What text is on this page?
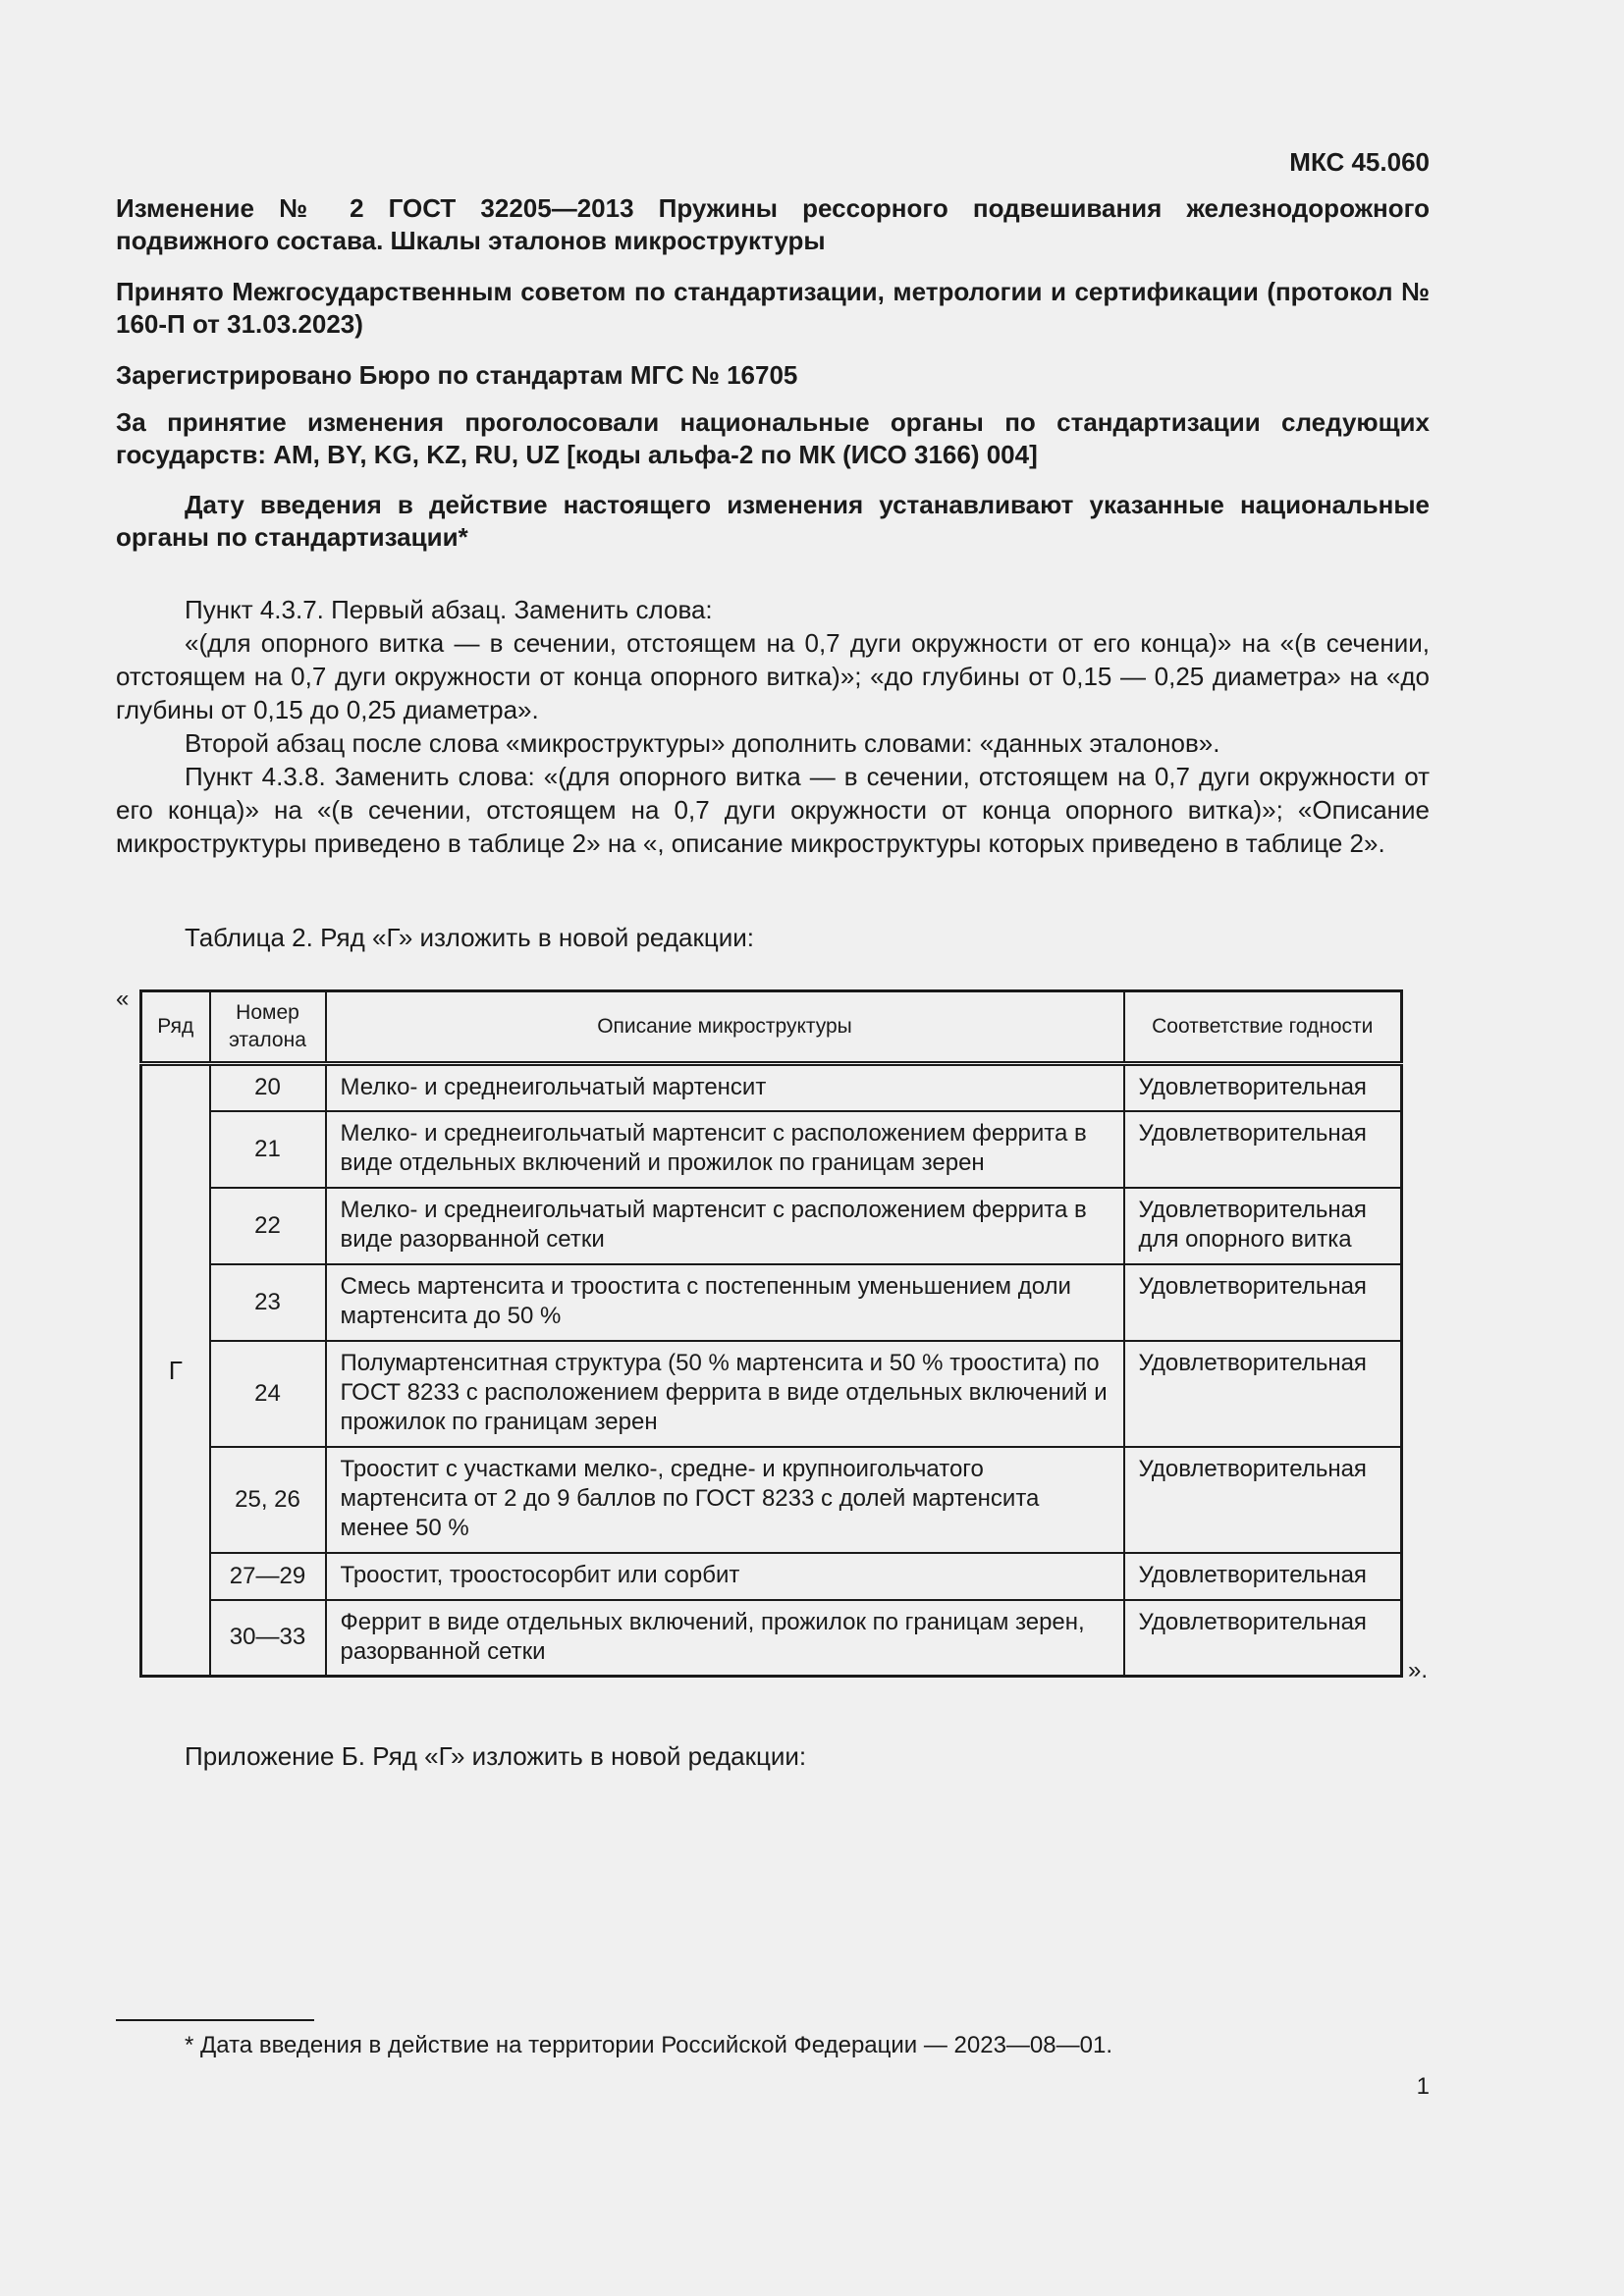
МКС 45.060

Изменение № 2 ГОСТ 32205—2013 Пружины рессорного подвешивания железнодорожного подвижного состава. Шкалы эталонов микроструктуры

Принято Межгосударственным советом по стандартизации, метрологии и сертификации (протокол № 160-П от 31.03.2023)

Зарегистрировано Бюро по стандартам МГС № 16705

За принятие изменения проголосовали национальные органы по стандартизации следующих государств: AM, BY, KG, KZ, RU, UZ [коды альфа-2 по МК (ИСО 3166) 004]

Дату введения в действие настоящего изменения устанавливают указанные национальные органы по стандартизации*

Пункт 4.3.7. Первый абзац. Заменить слова:

«(для опорного витка — в сечении, отстоящем на 0,7 дуги окружности от его конца)» на «(в сечении, отстоящем на 0,7 дуги окружности от конца опорного витка)»; «до глубины от 0,15 — 0,25 диаметра» на «до глубины от 0,15 до 0,25 диаметра».

Второй абзац после слова «микроструктуры» дополнить словами: «данных эталонов».

Пункт 4.3.8. Заменить слова: «(для опорного витка — в сечении, отстоящем на 0,7 дуги окружности от его конца)» на «(в сечении, отстоящем на 0,7 дуги окружности от конца опорного витка)»; «Описание микроструктуры приведено в таблице 2» на «, описание микроструктуры которых приведено в таблице 2».

Таблица 2. Ряд «Г» изложить в новой редакции:
«
Ряд	Номер эталона	Описание микроструктуры	Соответствие годности
Г	20	Мелко- и среднеигольчатый мартенсит	Удовлетворительная
	21	Мелко- и среднеигольчатый мартенсит с расположением феррита в виде отдельных включений и прожилок по границам зерен	Удовлетворительная
	22	Мелко- и среднеигольчатый мартенсит с расположением феррита в виде разорванной сетки	Удовлетворительная для опорного витка
	23	Смесь мартенсита и троостита с постепенным уменьшением доли мартенсита до 50 %	Удовлетворительная
	24	Полумартенситная структура (50 % мартенсита и 50 % троостита) по ГОСТ 8233 с расположением феррита в виде отдельных включений и прожилок по границам зерен	Удовлетворительная
	25, 26	Троостит с участками мелко-, средне- и крупноигольчатого мартенсита от 2 до 9 баллов по ГОСТ 8233 с долей мартенсита менее 50 %	Удовлетворительная
	27—29	Троостит, трооcтосорбит или сорбит	Удовлетворительная
	30—33	Феррит в виде отдельных включений, прожилок по границам зерен, разорванной сетки	Удовлетворительная
».
Приложение Б. Ряд «Г» изложить в новой редакции:
* Дата введения в действие на территории Российской Федерации — 2023—08—01.
1
